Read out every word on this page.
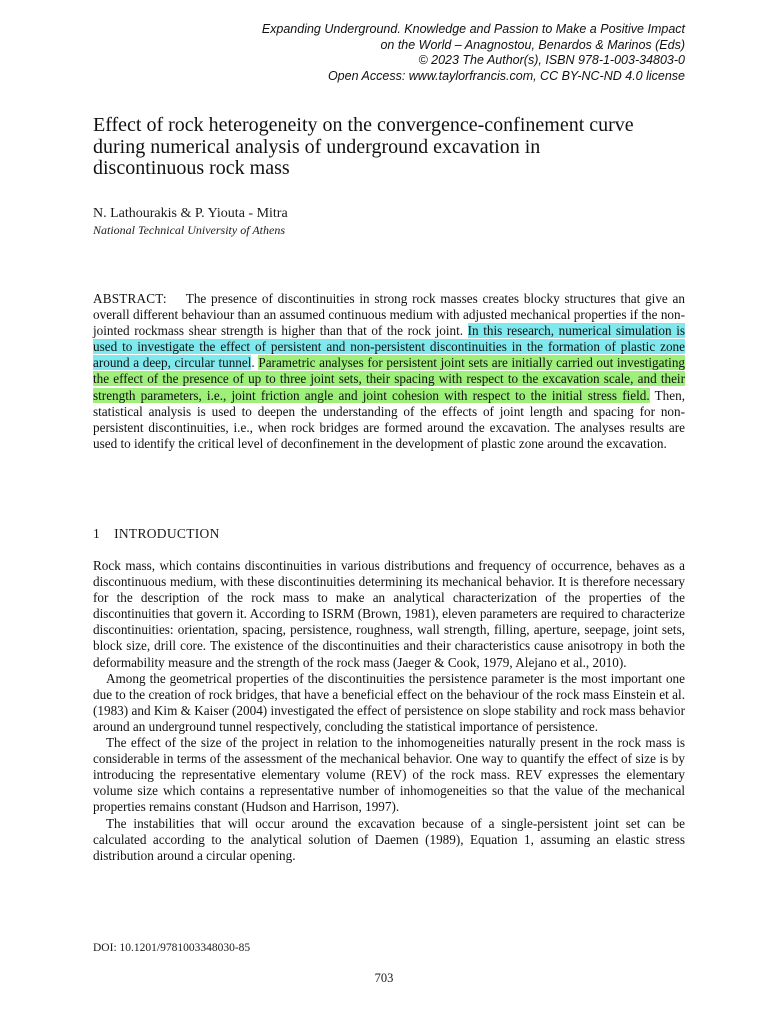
Expanding Underground. Knowledge and Passion to Make a Positive Impact
on the World – Anagnostou, Benardos & Marinos (Eds)
© 2023 The Author(s), ISBN 978-1-003-34803-0
Open Access: www.taylorfrancis.com, CC BY-NC-ND 4.0 license
Effect of rock heterogeneity on the convergence-confinement curve
during numerical analysis of underground excavation in
discontinuous rock mass
N. Lathourakis & P. Yiouta - Mitra
National Technical University of Athens
ABSTRACT: The presence of discontinuities in strong rock masses creates blocky structures that give an overall different behaviour than an assumed continuous medium with adjusted mechanical properties if the non-jointed rockmass shear strength is higher than that of the rock joint. In this research, numerical simulation is used to investigate the effect of persistent and non-persistent discontinuities in the formation of plastic zone around a deep, circular tunnel. Parametric analyses for persistent joint sets are initially carried out investigating the effect of the presence of up to three joint sets, their spacing with respect to the excavation scale, and their strength parameters, i.e., joint friction angle and joint cohesion with respect to the initial stress field. Then, statistical analysis is used to deepen the understanding of the effects of joint length and spacing for non-persistent discontinuities, i.e., when rock bridges are formed around the excavation. The analyses results are used to identify the critical level of deconfinement in the development of plastic zone around the excavation.
1 INTRODUCTION

Rock mass, which contains discontinuities in various distributions and frequency of occurrence, behaves as a discontinuous medium, with these discontinuities determining its mechanical behavior. It is therefore necessary for the description of the rock mass to make an analytical characterization of the properties of the discontinuities that govern it. According to ISRM (Brown, 1981), eleven parameters are required to characterize discontinuities: orientation, spacing, persistence, roughness, wall strength, filling, aperture, seepage, joint sets, block size, drill core. The existence of the discontinuities and their characteristics cause anisotropy in both the deformability measure and the strength of the rock mass (Jaeger & Cook, 1979, Alejano et al., 2010).

Among the geometrical properties of the discontinuities the persistence parameter is the most important one due to the creation of rock bridges, that have a beneficial effect on the behaviour of the rock mass Einstein et al. (1983) and Kim & Kaiser (2004) investigated the effect of persistence on slope stability and rock mass behavior around an underground tunnel respectively, concluding the statistical importance of persistence.

The effect of the size of the project in relation to the inhomogeneities naturally present in the rock mass is considerable in terms of the assessment of the mechanical behavior. One way to quantify the effect of size is by introducing the representative elementary volume (REV) of the rock mass. REV expresses the elementary volume size which contains a representative number of inhomogeneities so that the value of the mechanical properties remains constant (Hudson and Harrison, 1997).

The instabilities that will occur around the excavation because of a single-persistent joint set can be calculated according to the analytical solution of Daemen (1989), Equation 1, assuming an elastic stress distribution around a circular opening.

DOI: 10.1201/9781003348030-85
703
